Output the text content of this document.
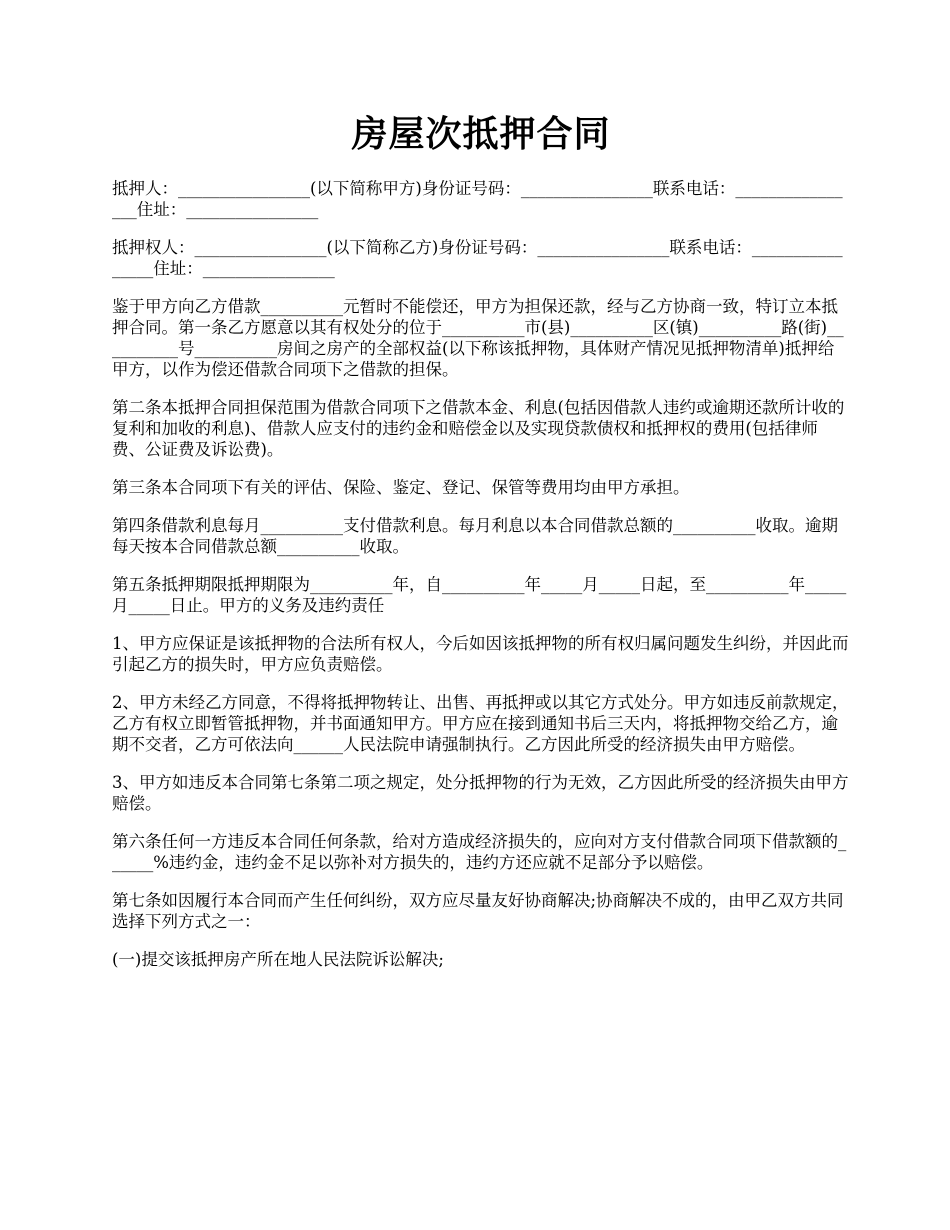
房屋次抵押合同

抵押人：________________(以下简称甲方)身份证号码：________________联系电话：________________住址：________________

抵押权人：________________(以下简称乙方)身份证号码：________________联系电话：________________住址：________________

鉴于甲方向乙方借款__________元暂时不能偿还，甲方为担保还款，经与乙方协商一致，特订立本抵押合同。第一条乙方愿意以其有权处分的位于__________市(县)__________区(镇)__________路(街)__________号__________房间之房产的全部权益(以下称该抵押物，具体财产情况见抵押物清单)抵押给甲方，以作为偿还借款合同项下之借款的担保。

第二条本抵押合同担保范围为借款合同项下之借款本金、利息(包括因借款人违约或逾期还款所计收的复利和加收的利息)、借款人应支付的违约金和赔偿金以及实现贷款债权和抵押权的费用(包括律师费、公证费及诉讼费)。

第三条本合同项下有关的评估、保险、鉴定、登记、保管等费用均由甲方承担。

第四条借款利息每月__________支付借款利息。每月利息以本合同借款总额的__________收取。逾期每天按本合同借款总额__________收取。

第五条抵押期限抵押期限为__________年，自__________年_____月_____日起，至__________年_____月_____日止。甲方的义务及违约责任

1、甲方应保证是该抵押物的合法所有权人，今后如因该抵押物的所有权归属问题发生纠纷，并因此而引起乙方的损失时，甲方应负责赔偿。

2、甲方未经乙方同意，不得将抵押物转让、出售、再抵押或以其它方式处分。甲方如违反前款规定，乙方有权立即暂管抵押物，并书面通知甲方。甲方应在接到通知书后三天内，将抵押物交给乙方，逾期不交者，乙方可依法向______人民法院申请强制执行。乙方因此所受的经济损失由甲方赔偿。

3、甲方如违反本合同第七条第二项之规定，处分抵押物的行为无效，乙方因此所受的经济损失由甲方赔偿。

第六条任何一方违反本合同任何条款，给对方造成经济损失的，应向对方支付借款合同项下借款额的______%违约金，违约金不足以弥补对方损失的，违约方还应就不足部分予以赔偿。

第七条如因履行本合同而产生任何纠纷，双方应尽量友好协商解决;协商解决不成的，由甲乙双方共同选择下列方式之一：

(一)提交该抵押房产所在地人民法院诉讼解决;
